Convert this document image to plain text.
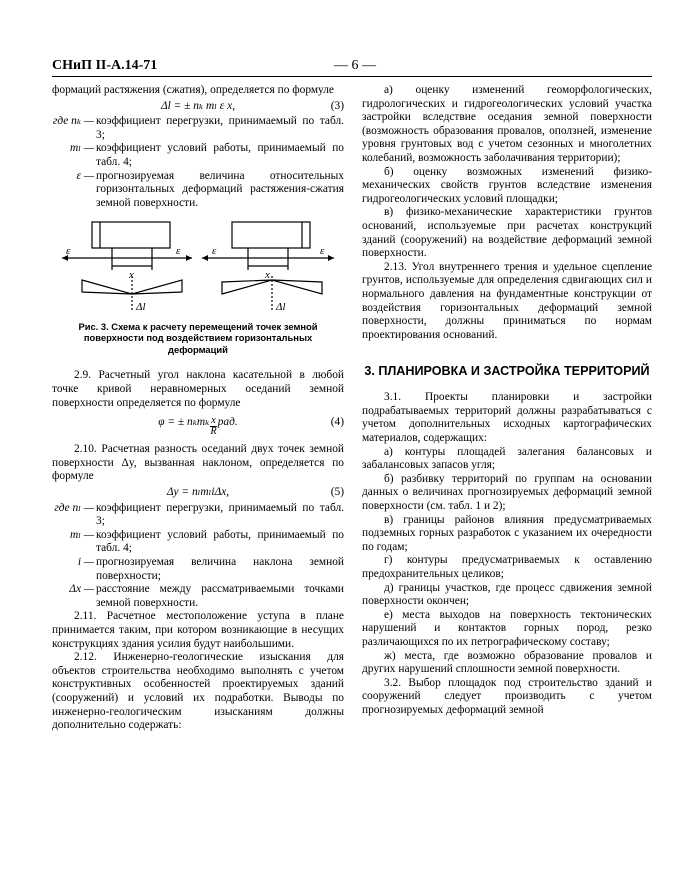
СНиП II-А.14-71	— 6 —

формаций растяжения (сжатия), определяется по формуле

Δl = ± nₖ mₗ ε x,	(3)
где nₖ — коэффициент перегрузки, принимаемый по табл. 3;
mₗ — коэффициент условий работы, принимаемый по табл. 4;
ε — прогнозируемая величина относительных горизонтальных деформаций растяжения-сжатия земной поверхности.
ε	ε	ε	ε
x	x
Δl	Δl
Рис. 3. Схема к расчету перемещений точек земной поверхности под воздействием горизонтальных деформаций

2.9. Расчетный угол наклона касательной в любой точке кривой неравномерных оседаний земной поверхности определяется по формуле

φ = ± nₖmₖ $\frac{x}{R}$ рад.	(4)

2.10. Расчетная разность оседаний двух точек земной поверхности Δy, вызванная наклоном, определяется по формуле

Δy = nₗmₗiΔx,	(5)
где nₗ — коэффициент перегрузки, принимаемый по табл. 3;
mₗ — коэффициент условий работы, принимаемый по табл. 4;
i — прогнозируемая величина наклона земной поверхности;
Δx — расстояние между рассматриваемыми точками земной поверхности.

2.11. Расчетное местоположение уступа в плане принимается таким, при котором возникающие в несущих конструкциях здания усилия будут наибольшими.

2.12. Инженерно-геологические изыскания для объектов строительства необходимо выполнять с учетом конструктивных особенностей проектируемых зданий (сооружений) и условий их подработки. Выводы по инженерно-геологическим изысканиям должны дополнительно содержать:

а) оценку изменений геоморфологических, гидрологических и гидрогеологических условий участка застройки вследствие оседания земной поверхности (возможность образования провалов, оползней, изменение уровня грунтовых вод с учетом сезонных и многолетних колебаний, возможность заболачивания территории);

б) оценку возможных изменений физико-механических свойств грунтов вследствие изменения гидрогеологических условий площадки;

в) физико-механические характеристики грунтов оснований, используемые при расчетах конструкций зданий (сооружений) на воздействие деформаций земной поверхности.

2.13. Угол внутреннего трения и удельное сцепление грунтов, используемые для определения сдвигающих сил и нормального давления на фундаментные конструкции от воздействия горизонтальных деформаций земной поверхности, должны приниматься по нормам проектирования оснований.

3. ПЛАНИРОВКА И ЗАСТРОЙКА ТЕРРИТОРИЙ

3.1. Проекты планировки и застройки подрабатываемых территорий должны разрабатываться с учетом дополнительных исходных картографических материалов, содержащих:

а) контуры площадей залегания балансовых и забалансовых запасов угля;

б) разбивку территорий по группам на основании данных о величинах прогнозируемых деформаций земной поверхности (см. табл. 1 и 2);

в) границы районов влияния предусматриваемых подземных горных разработок с указанием их очередности по годам;

г) контуры предусматриваемых к оставлению предохранительных целиков;

д) границы участков, где процесс сдвижения земной поверхности окончен;

е) места выходов на поверхность тектонических нарушений и контактов горных пород, резко различающихся по их петрографическому составу;

ж) места, где возможно образование провалов и других нарушений сплошности земной поверхности.

3.2. Выбор площадок под строительство зданий и сооружений следует производить с учетом прогнозируемых деформаций земной
